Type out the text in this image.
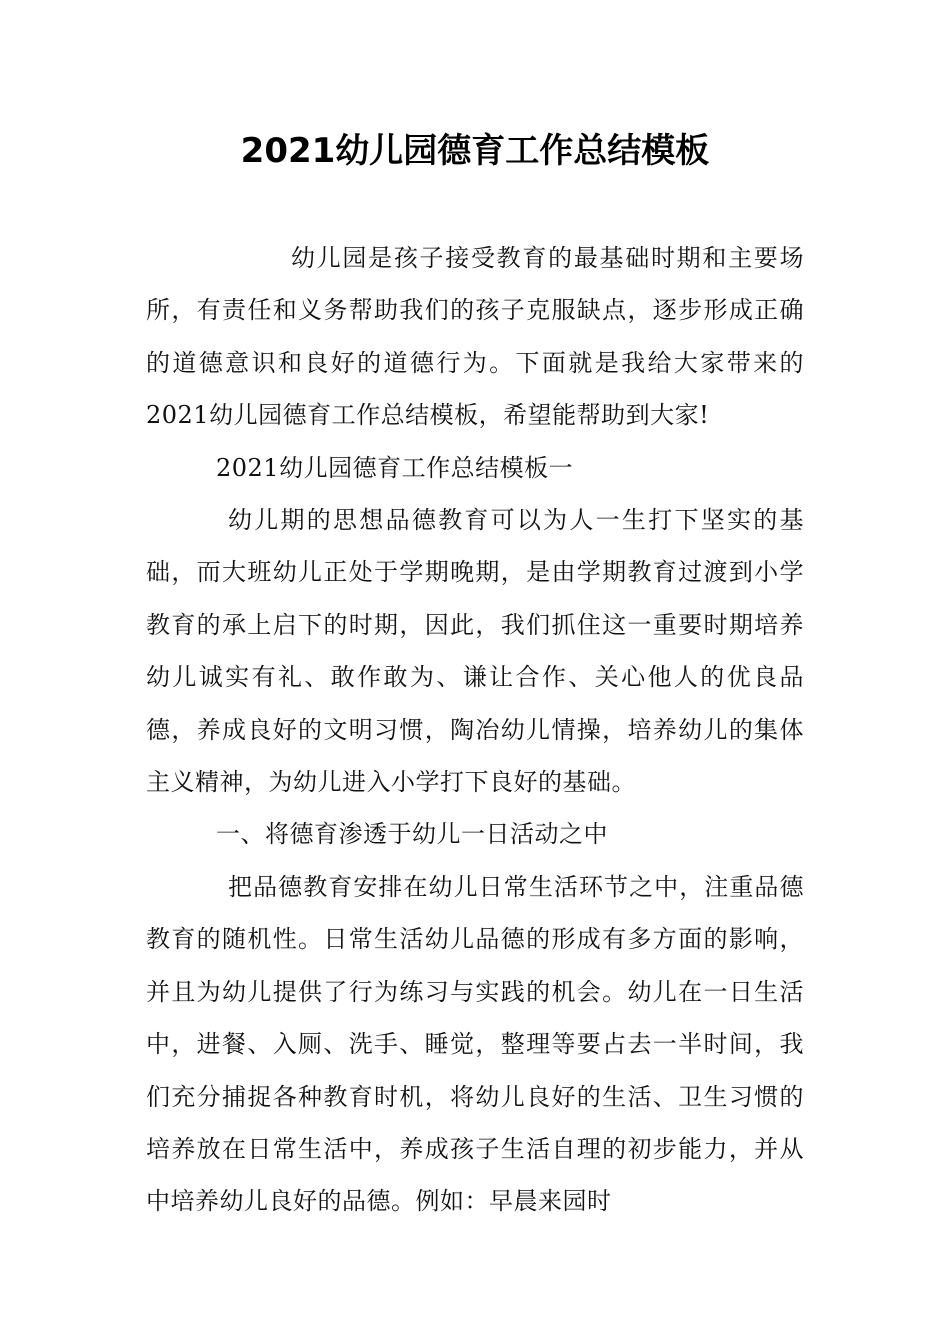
2021幼儿园德育工作总结模板

幼儿园是孩子接受教育的最基础时期和主要场所，有责任和义务帮助我们的孩子克服缺点，逐步形成正确的道德意识和良好的道德行为。下面就是我给大家带来的2021幼儿园德育工作总结模板，希望能帮助到大家!

2021幼儿园德育工作总结模板一

幼儿期的思想品德教育可以为人一生打下坚实的基础，而大班幼儿正处于学期晚期，是由学期教育过渡到小学教育的承上启下的时期，因此，我们抓住这一重要时期培养幼儿诚实有礼、敢作敢为、谦让合作、关心他人的优良品德，养成良好的文明习惯，陶冶幼儿情操，培养幼儿的集体主义精神，为幼儿进入小学打下良好的基础。

一、将德育渗透于幼儿一日活动之中

把品德教育安排在幼儿日常生活环节之中，注重品德教育的随机性。日常生活幼儿品德的形成有多方面的影响，并且为幼儿提供了行为练习与实践的机会。幼儿在一日生活中，进餐、入厕、洗手、睡觉，整理等要占去一半时间，我们充分捕捉各种教育时机，将幼儿良好的生活、卫生习惯的培养放在日常生活中，养成孩子生活自理的初步能力，并从中培养幼儿良好的品德。例如：早晨来园时
